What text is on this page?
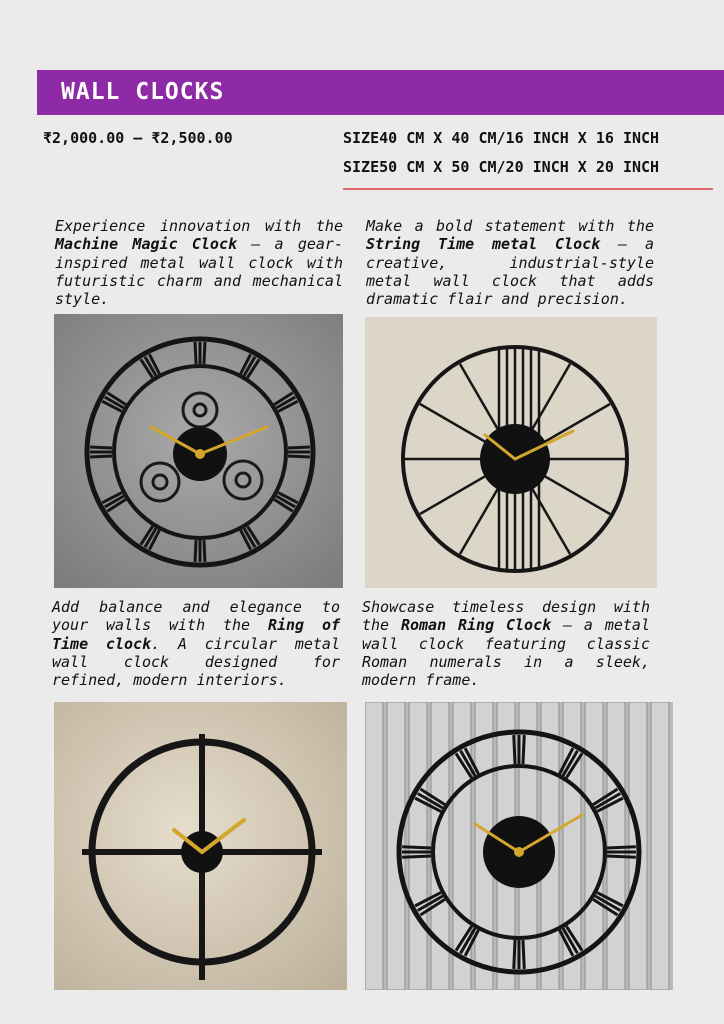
WALL CLOCKS
₹2,000.00 – ₹2,500.00	SIZE40 CM X 40 CM/16 INCH X 16 INCH
SIZE50 CM X 50 CM/20 INCH X 20 INCH
Experience innovation with the Machine Magic Clock – a gear-inspired metal wall clock with futuristic charm and mechanical style.
Make a bold statement with the String Time metal Clock – a creative, industrial-style metal wall clock that adds dramatic flair and precision.
Add balance and elegance to your walls with the Ring of Time clock. A circular metal wall clock designed for refined, modern interiors.
Showcase timeless design with the Roman Ring Clock – a metal wall clock featuring classic Roman numerals in a sleek, modern frame.
